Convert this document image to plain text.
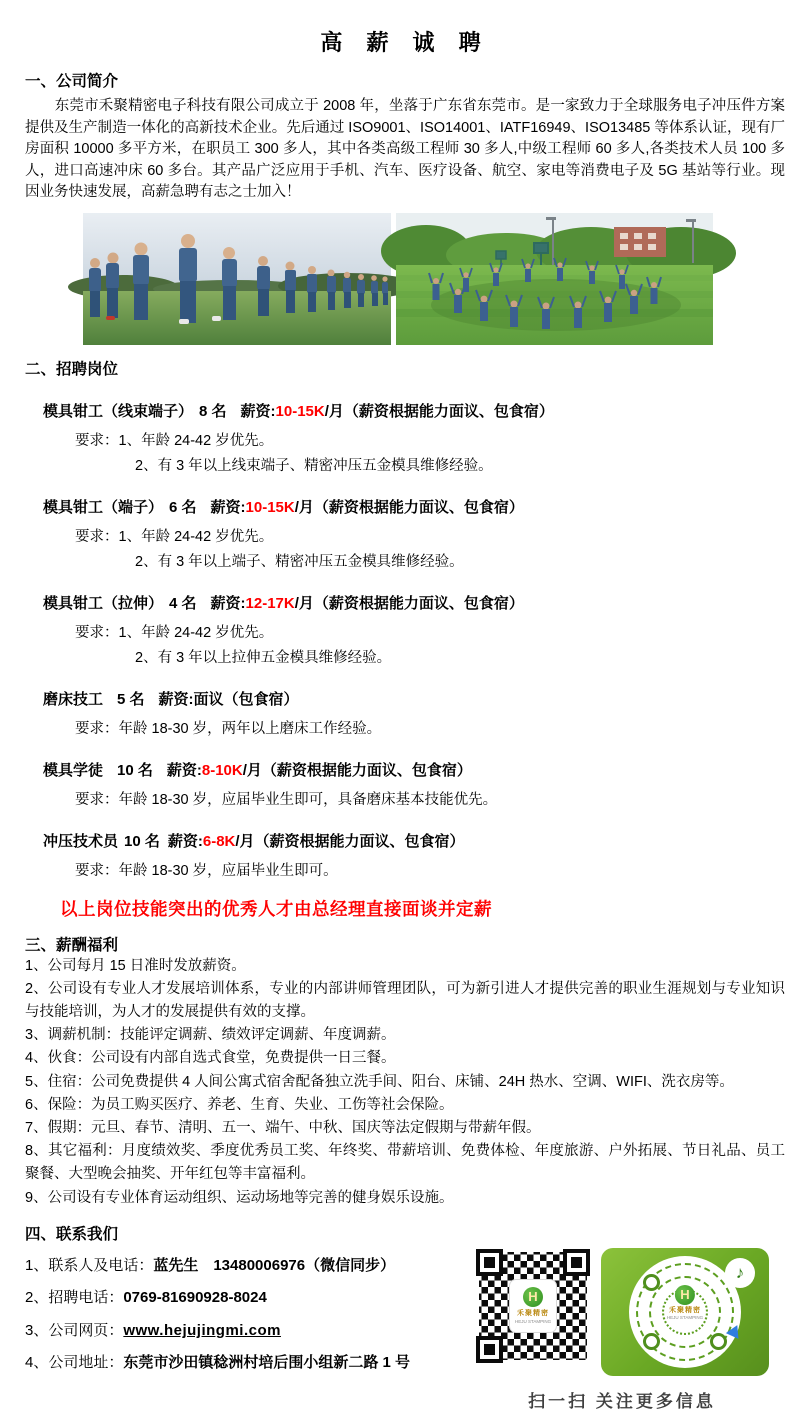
高 薪 诚 聘
一、公司简介

东莞市禾聚精密电子科技有限公司成立于 2008 年，坐落于广东省东莞市。是一家致力于全球服务电子冲压件方案提供及生产制造一体化的高新技术企业。先后通过 ISO9001、ISO14001、IATF16949、ISO13485 等体系认证，现有厂房面积 10000 多平方米，在职员工 300 多人，其中各类高级工程师 30 多人,中级工程师 60 多人,各类技术人员 100 多人，进口高速冲床 60 多台。其产品广泛应用于手机、汽车、医疗设备、航空、家电等消费电子及 5G 基站等行业。现因业务快速发展，高薪急聘有志之士加入！

二、招聘岗位
模具钳工（线束端子） 8 名 薪资:10-15K/月（薪资根据能力面议、包食宿）
要求：1、年龄 24-42 岁优先。
2、有 3 年以上线束端子、精密冲压五金模具维修经验。
模具钳工（端子） 6 名 薪资:10-15K/月（薪资根据能力面议、包食宿）
要求：1、年龄 24-42 岁优先。
2、有 3 年以上端子、精密冲压五金模具维修经验。
模具钳工（拉伸） 4 名 薪资:12-17K/月（薪资根据能力面议、包食宿）
要求：1、年龄 24-42 岁优先。
2、有 3 年以上拉伸五金模具维修经验。
磨床技工 5 名 薪资:面议（包食宿）
要求：年龄 18-30 岁，两年以上磨床工作经验。
模具学徒 10 名 薪资:8-10K/月（薪资根据能力面议、包食宿）
要求：年龄 18-30 岁，应届毕业生即可，具备磨床基本技能优先。
冲压技术员 10 名 薪资:6-8K/月（薪资根据能力面议、包食宿）
要求：年龄 18-30 岁，应届毕业生即可。
以上岗位技能突出的优秀人才由总经理直接面谈并定薪
三、薪酬福利
1、公司每月 15 日准时发放薪资。
2、公司设有专业人才发展培训体系，专业的内部讲师管理团队，可为新引进人才提供完善的职业生涯规划与专业知识与技能培训，为人才的发展提供有效的支撑。
3、调薪机制：技能评定调薪、绩效评定调薪、年度调薪。
4、伙食：公司设有内部自选式食堂，免费提供一日三餐。
5、住宿：公司免费提供 4 人间公寓式宿舍配备独立洗手间、阳台、床铺、24H 热水、空调、WIFI、洗衣房等。
6、保险：为员工购买医疗、养老、生育、失业、工伤等社会保险。
7、假期：元旦、春节、清明、五一、端午、中秋、国庆等法定假期与带薪年假。
8、其它福利：月度绩效奖、季度优秀员工奖、年终奖、带薪培训、免费体检、年度旅游、户外拓展、节日礼品、员工聚餐、大型晚会抽奖、开年红包等丰富福利。
9、公司设有专业体育运动组织、运动场地等完善的健身娱乐设施。
四、联系我们
1、联系人及电话：蓝先生　13480006976（微信同步）
2、招聘电话：0769-81690928-8024
3、公司网页：www.hejujingmi.com
4、公司地址：东莞市沙田镇稔洲村培后围小组新二路 1 号
H
禾聚精密
HEJU STAMPING
H
禾聚精密
HEJU STAMPING
♪
扫一扫 关注更多信息
